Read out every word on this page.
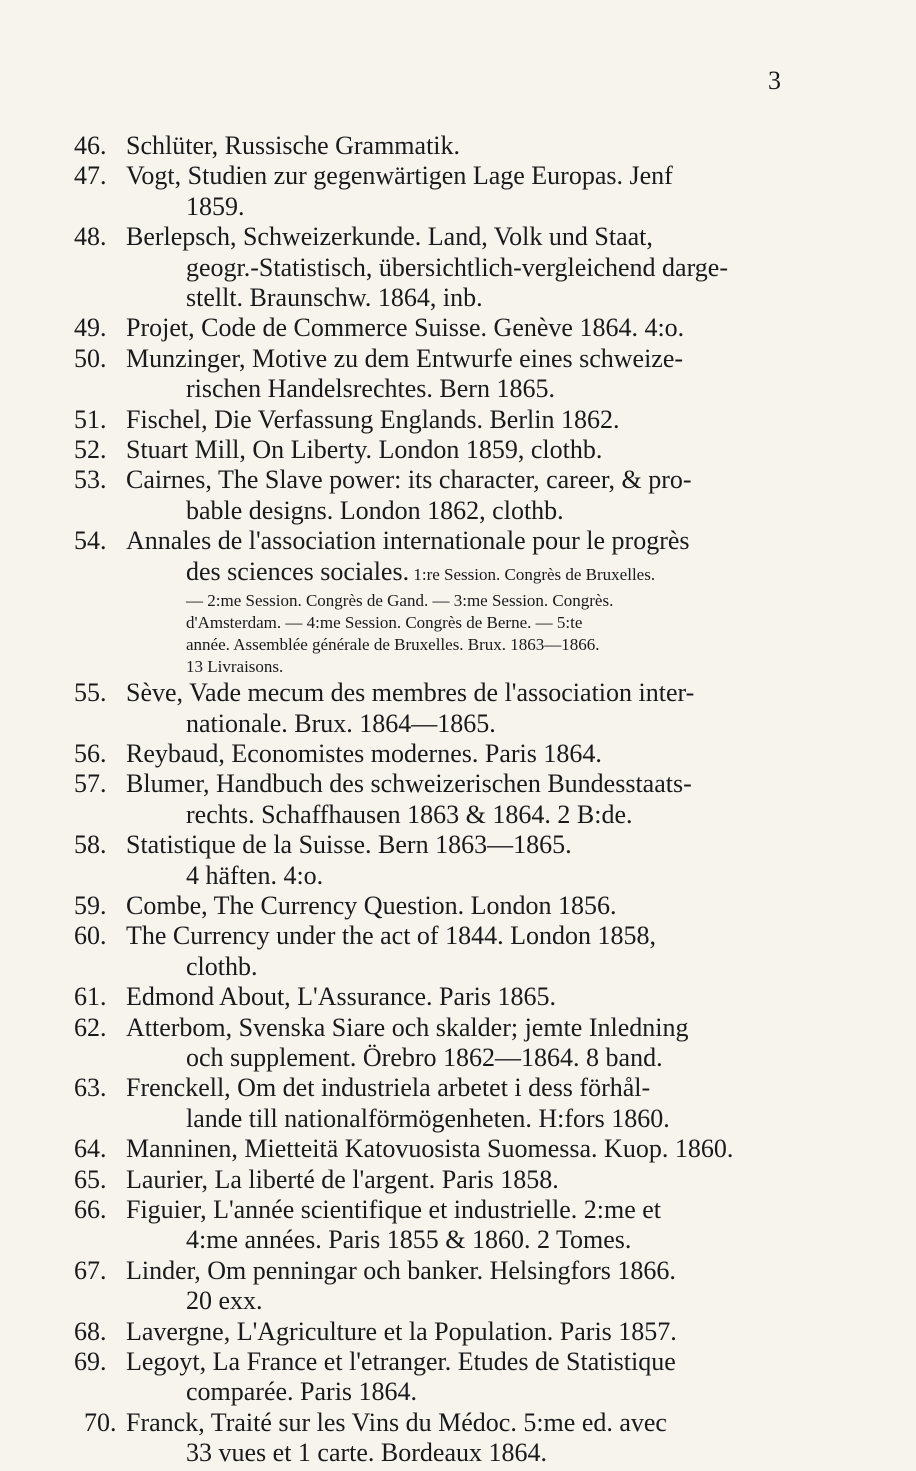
3
46. Schlüter, Russische Grammatik.
47. Vogt, Studien zur gegenwärtigen Lage Europas. Jenf
1859.
48. Berlepsch, Schweizerkunde. Land, Volk und Staat,
geogr.-Statistisch, übersichtlich-vergleichend darge-
stellt. Braunschw. 1864, inb.
49. Projet, Code de Commerce Suisse. Genève 1864. 4:o.
50. Munzinger, Motive zu dem Entwurfe eines schweize-
rischen Handelsrechtes. Bern 1865.
51. Fischel, Die Verfassung Englands. Berlin 1862.
52. Stuart Mill, On Liberty. London 1859, clothb.
53. Cairnes, The Slave power: its character, career, & pro-
bable designs. London 1862, clothb.
54. Annales de l'association internationale pour le progrès
des sciences sociales. 1:re Session. Congrès de Bruxelles.
— 2:me Session. Congrès de Gand. — 3:me Session. Congrès.
d'Amsterdam. — 4:me Session. Congrès de Berne. — 5:te
année. Assemblée générale de Bruxelles. Brux. 1863—1866.
13 Livraisons.
55. Sève, Vade mecum des membres de l'association inter-
nationale. Brux. 1864—1865.
56. Reybaud, Economistes modernes. Paris 1864.
57. Blumer, Handbuch des schweizerischen Bundesstaats-
rechts. Schaffhausen 1863 & 1864. 2 B:de.
58. Statistique de la Suisse. Bern 1863—1865.
4 häften. 4:o.
59. Combe, The Currency Question. London 1856.
60. The Currency under the act of 1844. London 1858,
clothb.
61. Edmond About, L'Assurance. Paris 1865.
62. Atterbom, Svenska Siare och skalder; jemte Inledning
och supplement. Örebro 1862—1864. 8 band.
63. Frenckell, Om det industriela arbetet i dess förhål-
lande till nationalförmögenheten. H:fors 1860.
64. Manninen, Mietteitä Katovuosista Suomessa. Kuop. 1860.
65. Laurier, La liberté de l'argent. Paris 1858.
66. Figuier, L'année scientifique et industrielle. 2:me et
4:me années. Paris 1855 & 1860. 2 Tomes.
67. Linder, Om penningar och banker. Helsingfors 1866.
20 exx.
68. Lavergne, L'Agriculture et la Population. Paris 1857.
69. Legoyt, La France et l'etranger. Etudes de Statistique
comparée. Paris 1864.
70. Franck, Traité sur les Vins du Médoc. 5:me ed. avec
33 vues et 1 carte. Bordeaux 1864.
